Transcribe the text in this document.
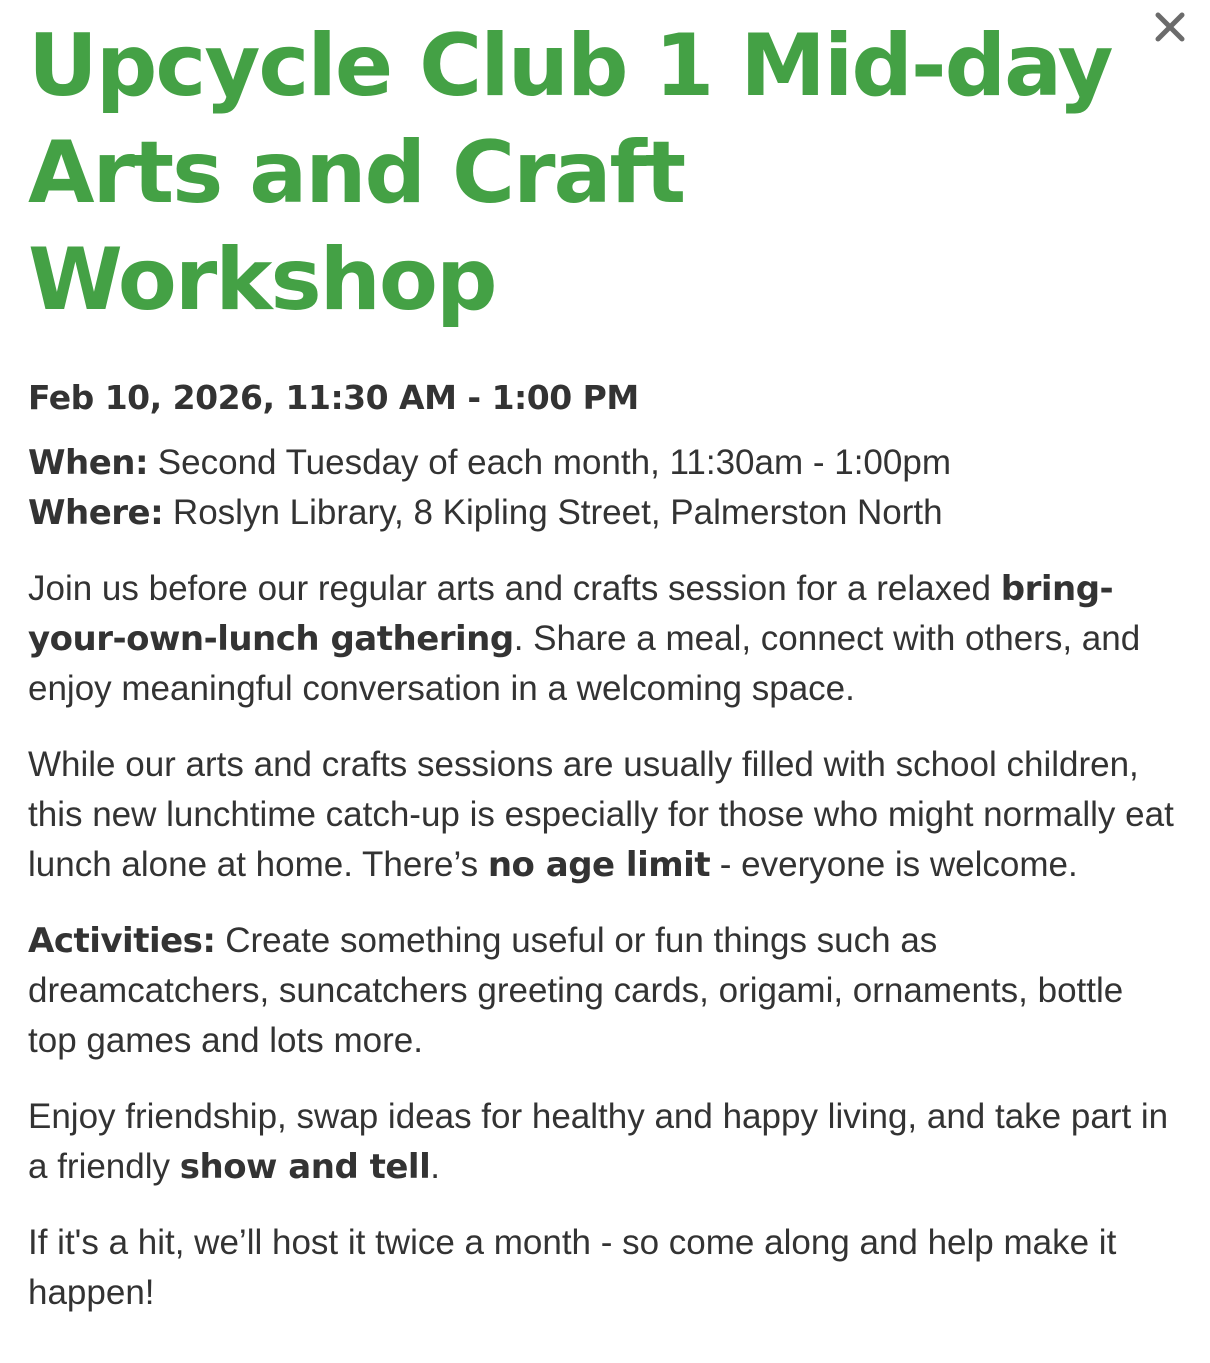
Upcycle Club 1 Mid-day Arts and Craft Workshop
Feb 10, 2026, 11:30 AM - 1:00 PM
When: Second Tuesday of each month, 11:30am - 1:00pm
Where: Roslyn Library, 8 Kipling Street, Palmerston North

Join us before our regular arts and crafts session for a relaxed bring-your-own-lunch gathering. Share a meal, connect with others, and enjoy meaningful conversation in a welcoming space.

While our arts and crafts sessions are usually filled with school children, this new lunchtime catch-up is especially for those who might normally eat lunch alone at home. There’s no age limit - everyone is welcome.

Activities: Create something useful or fun things such as dreamcatchers, suncatchers greeting cards, origami, ornaments, bottle top games and lots more.

Enjoy friendship, swap ideas for healthy and happy living, and take part in a friendly show and tell.

If it's a hit, we’ll host it twice a month - so come along and help make it happen!
